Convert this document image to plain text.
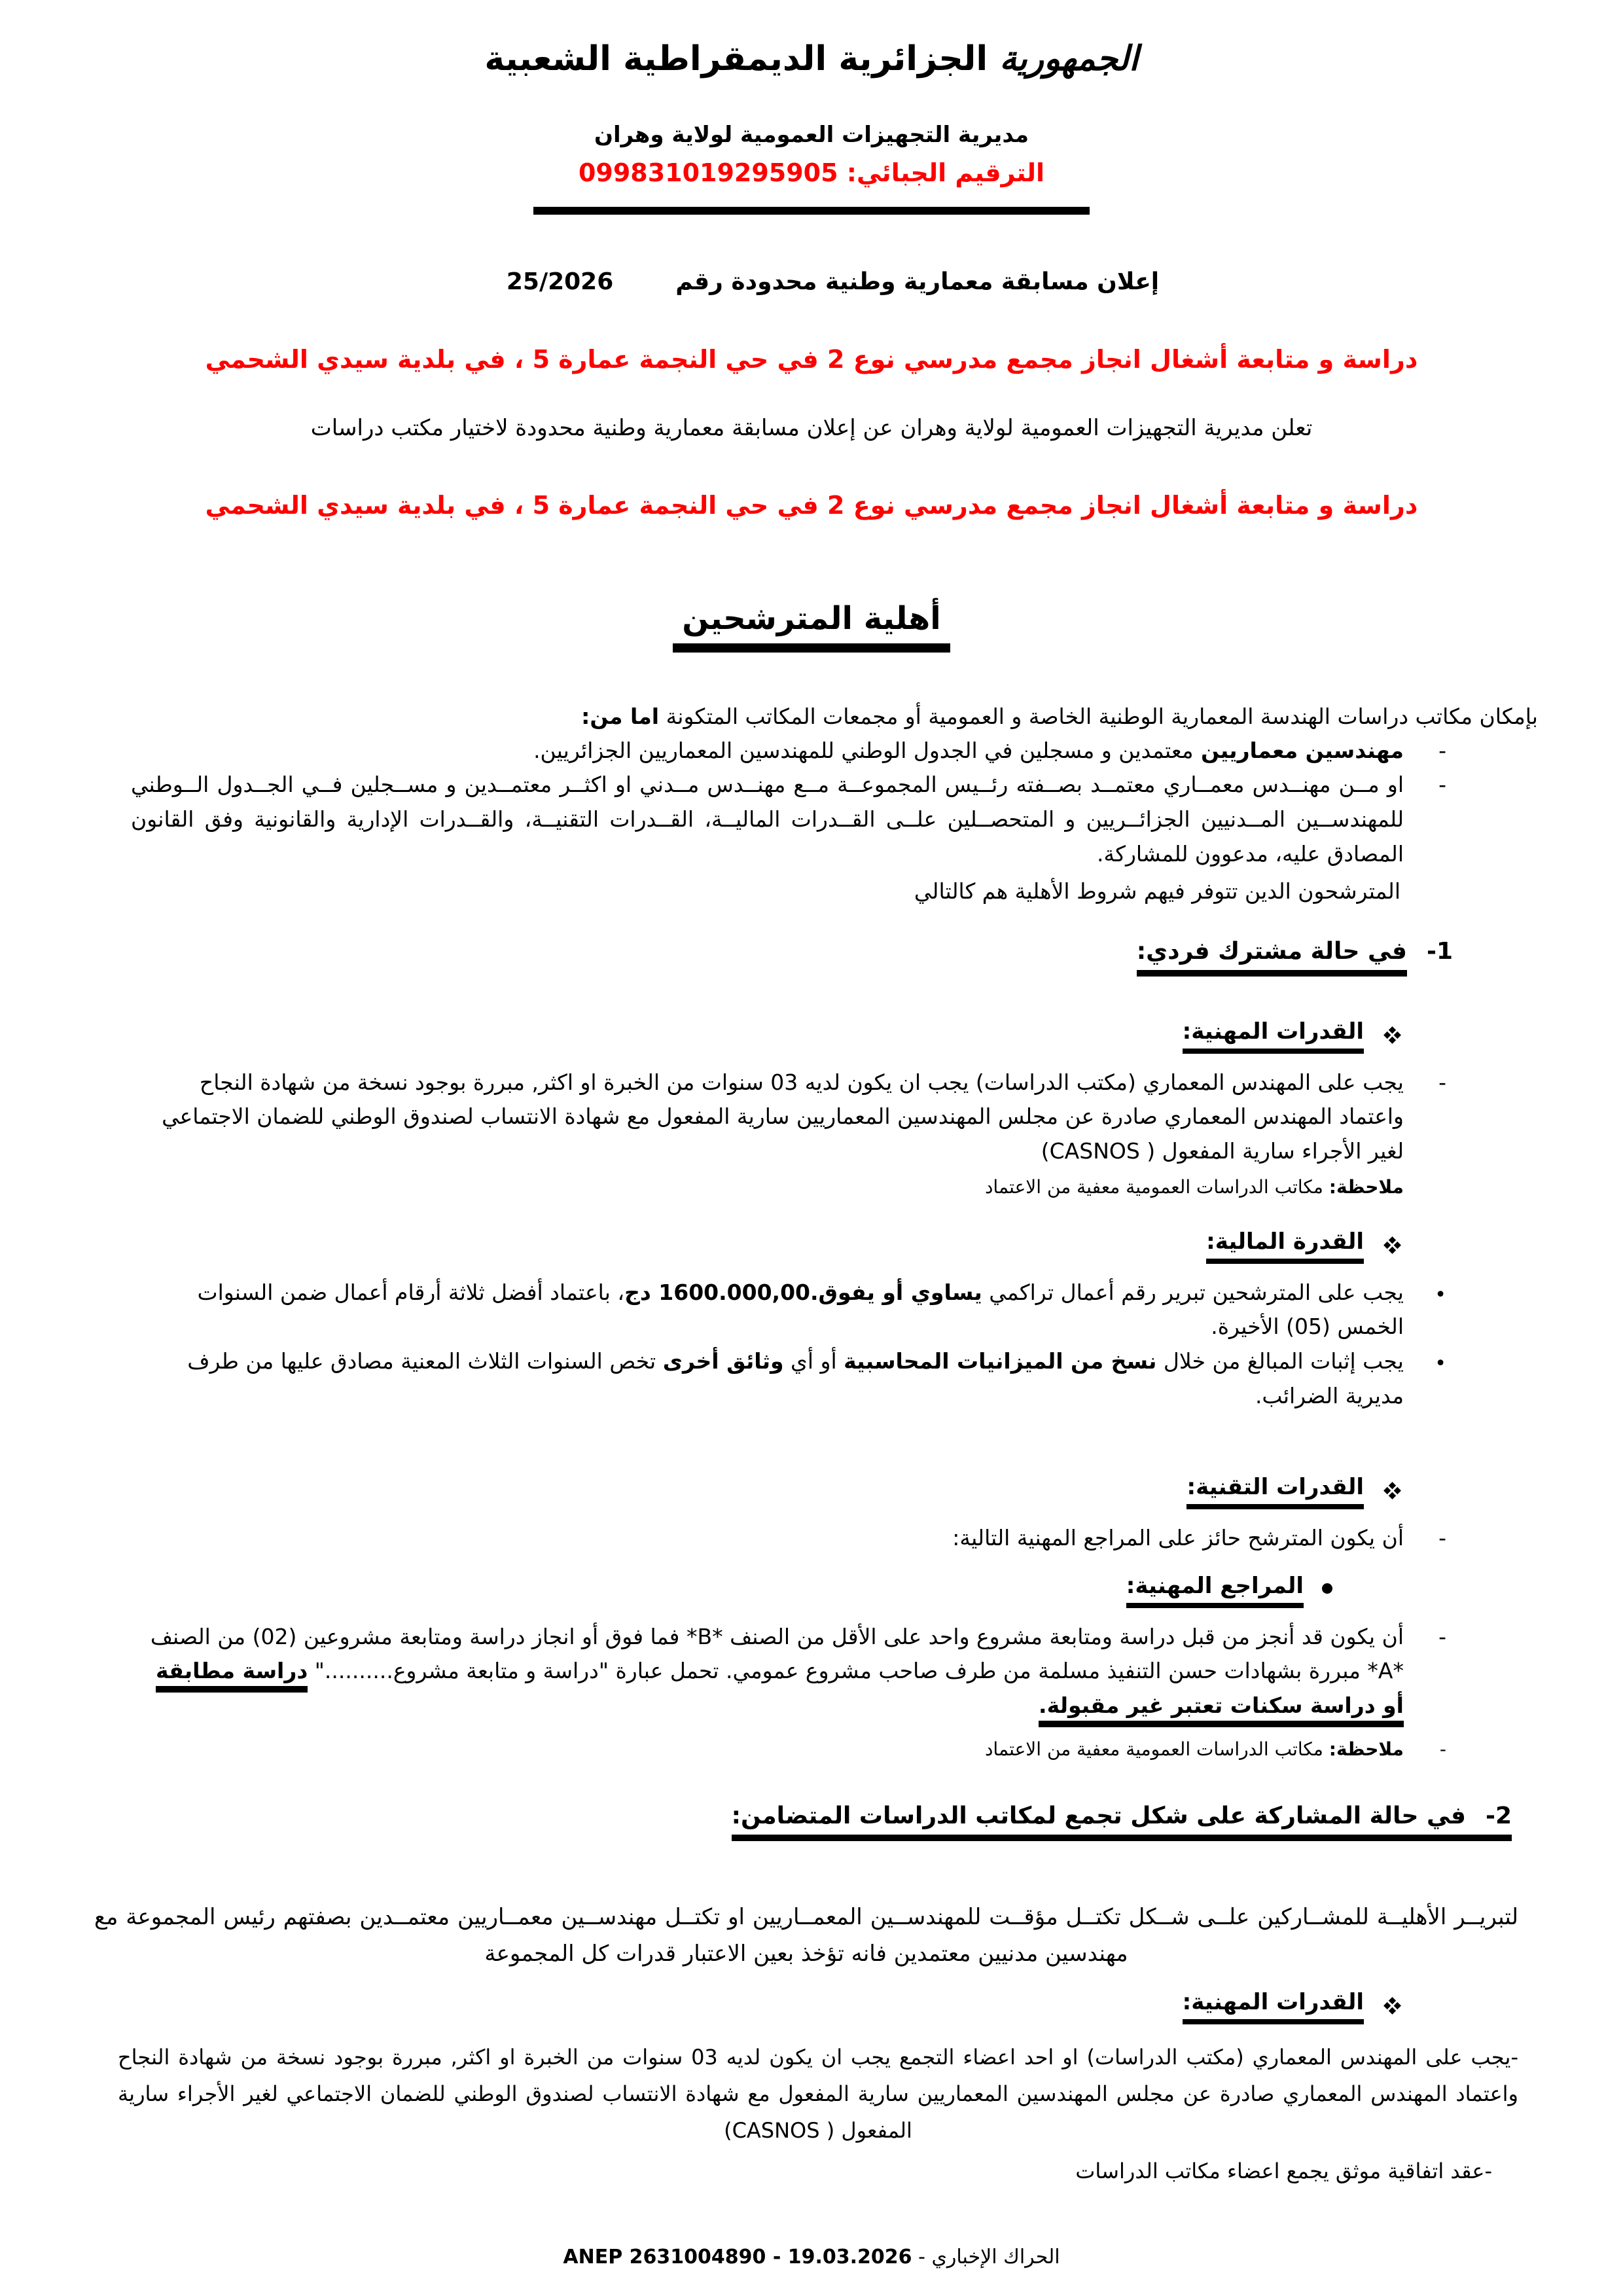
الجمهورية الجزائرية الديمقراطية الشعبية
مديرية التجهيزات العمومية لولاية وهران
الترقيم الجبائي: 099831019295905
إعلان مسابقة معمارية وطنية محدودة رقم25/2026
دراسة و متابعة أشغال انجاز مجمع مدرسي نوع 2 في حي النجمة عمارة 5 ، في بلدية سيدي الشحمي
تعلن مديرية التجهيزات العمومية لولاية وهران عن إعلان مسابقة معمارية وطنية محدودة لاختيار مكتب دراسات
دراسة و متابعة أشغال انجاز مجمع مدرسي نوع 2 في حي النجمة عمارة 5 ، في بلدية سيدي الشحمي
أهلية المترشحين
بإمكان مكاتب دراسات الهندسة المعمارية الوطنية الخاصة و العمومية أو مجمعات المكاتب المتكونة اما من:
-
مهندسين معماريين معتمدين و مسجلين في الجدول الوطني للمهندسين المعماريين الجزائريين.
-
او مــن مهنــدس معمــاري معتمــد بصــفته رئــيس المجموعــة مــع مهنــدس مــدني او اكثــر معتمــدين و مســجلين فــي الجــدول الــوطني للمهندســين المــدنيين الجزائــريين و المتحصــلين علــى القــدرات الماليــة، القــدرات التقنيــة، والقــدرات الإدارية والقانونية وفق القانون المصادق عليه، مدعوون للمشاركة.
المترشحون الدين تتوفر فيهم شروط الأهلية هم كالتالي
1-في حالة مشترك فردي:
القدرات المهنية:
-
يجب على المهندس المعماري (مكتب الدراسات) يجب ان يكون لديه 03 سنوات من الخبرة او اكثر, مبررة بوجود نسخة من شهادة النجاح واعتماد المهندس المعماري صادرة عن مجلس المهندسين المعماريين سارية المفعول مع شهادة الانتساب لصندوق الوطني للضمان الاجتماعي لغير الأجراء سارية المفعول ( CASNOS)
ملاحظة: مكاتب الدراسات العمومية معفية من الاعتماد
القدرة المالية:
•
يجب على المترشحين تبرير رقم أعمال تراكمي يساوي أو يفوق.1600.000,00 دج، باعتماد أفضل ثلاثة أرقام أعمال ضمن السنوات الخمس (05) الأخيرة.
•
يجب إثبات المبالغ من خلال نسخ من الميزانيات المحاسبية أو أي وثائق أخرى تخص السنوات الثلاث المعنية مصادق عليها من طرف مديرية الضرائب.
القدرات التقنية:
-
أن يكون المترشح حائز على المراجع المهنية التالية:
المراجع المهنية:
-
أن يكون قد أنجز من قبل دراسة ومتابعة مشروع واحد على الأقل من الصنف *B* فما فوق أو انجاز دراسة ومتابعة مشروعين (02) من الصنف *A* مبررة بشهادات حسن التنفيذ مسلمة من طرف صاحب مشروع عمومي. تحمل عبارة "دراسة و متابعة مشروع.........." دراسة مطابقة أو دراسة سكنات تعتبر غير مقبولة.
-
ملاحظة: مكاتب الدراسات العمومية معفية من الاعتماد
2-في حالة المشاركة على شكل تجمع لمكاتب الدراسات المتضامن:
لتبريــر الأهليــة للمشــاركين علــى شــكل تكتــل مؤقــت للمهندســين المعمــاريين او تكتــل مهندســين معمــاريين معتمــدين بصفتهم رئيس المجموعة مع مهندسين مدنيين معتمدين فانه تؤخذ بعين الاعتبار قدرات كل المجموعة
القدرات المهنية:
-يجب على المهندس المعماري (مكتب الدراسات) او احد اعضاء التجمع يجب ان يكون لديه 03 سنوات من الخبرة او اكثر, مبررة بوجود نسخة من شهادة النجاح واعتماد المهندس المعماري صادرة عن مجلس المهندسين المعماريين سارية المفعول مع شهادة الانتساب لصندوق الوطني للضمان الاجتماعي لغير الأجراء سارية المفعول ( CASNOS)
-عقد اتفاقية موثق يجمع اعضاء مكاتب الدراسات
الحراك الإخباري - ANEP 2631004890 - 19.03.2026
